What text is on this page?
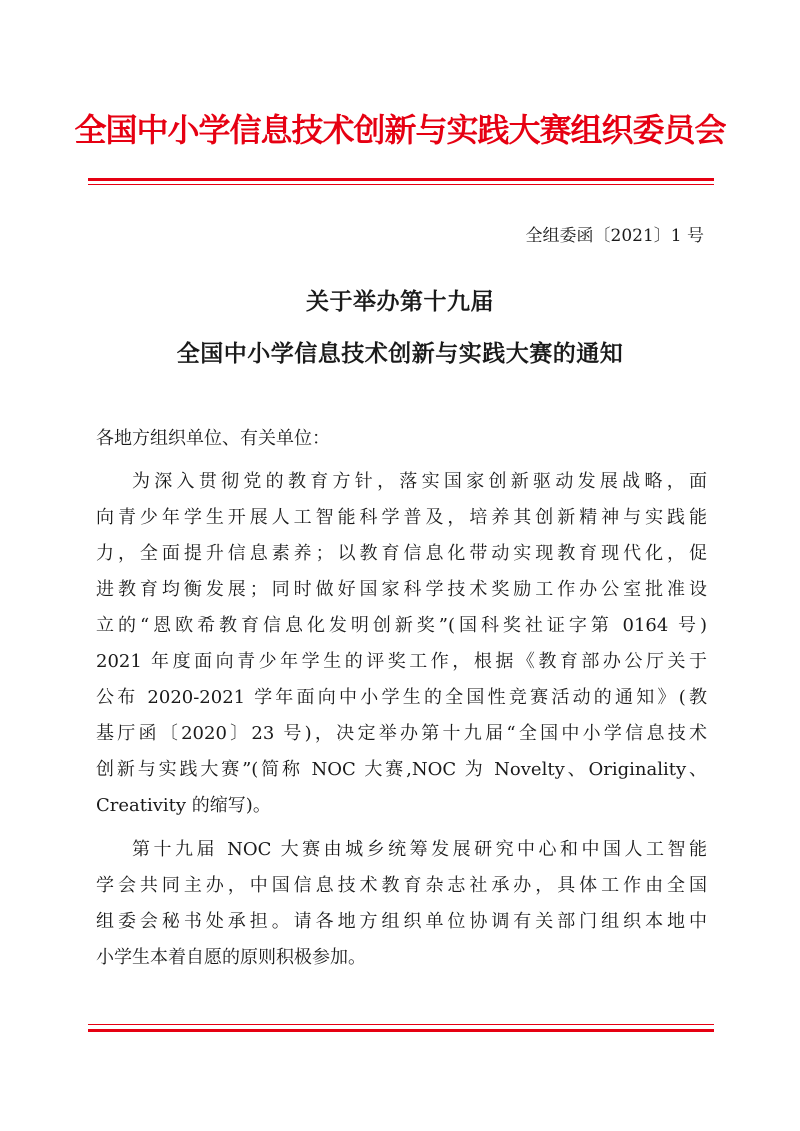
全国中小学信息技术创新与实践大赛组织委员会
全组委函〔2021〕1 号
关于举办第十九届
全国中小学信息技术创新与实践大赛的通知
各地方组织单位、有关单位：
为深入贯彻党的教育方针，落实国家创新驱动发展战略，面
向青少年学生开展人工智能科学普及，培养其创新精神与实践能
力，全面提升信息素养；以教育信息化带动实现教育现代化，促
进教育均衡发展；同时做好国家科学技术奖励工作办公室批准设
立的“恩欧希教育信息化发明创新奖”(国科奖社证字第 0164 号)
2021 年度面向青少年学生的评奖工作，根据《教育部办公厅关于
公布 2020-2021 学年面向中小学生的全国性竞赛活动的通知》(教
基厅函〔2020〕23 号)，决定举办第十九届“全国中小学信息技术
创新与实践大赛”(简称 NOC 大赛,NOC 为 Novelty、Originality、
Creativity 的缩写)。
第十九届 NOC 大赛由城乡统筹发展研究中心和中国人工智能
学会共同主办，中国信息技术教育杂志社承办，具体工作由全国
组委会秘书处承担。请各地方组织单位协调有关部门组织本地中
小学生本着自愿的原则积极参加。
